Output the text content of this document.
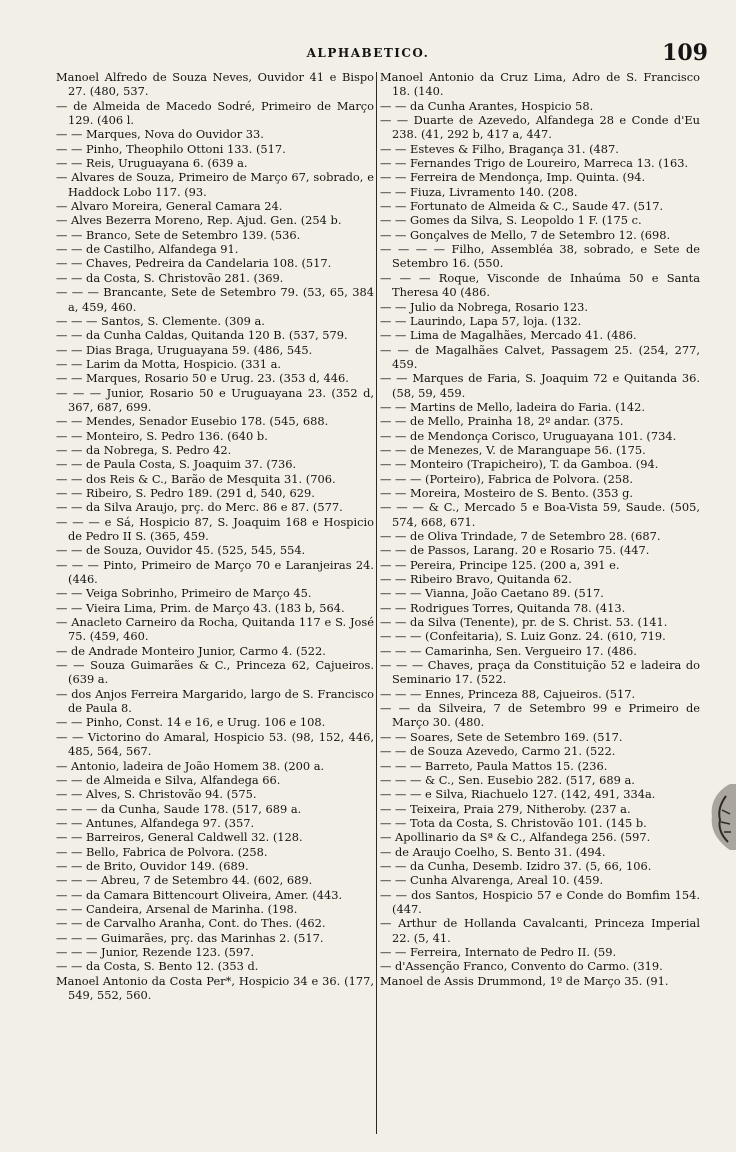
ALPHABETICO.	109
Manoel Alfredo de Souza Neves, Ouvidor 41 e Bispo 27. (480, 537.
— de Almeida de Macedo Sodré, Primeiro de Março 129. (406 l.
— — Marques, Nova do Ouvidor 33.
— — Pinho, Theophilo Ottoni 133. (517.
— — Reis, Uruguayana 6. (639 a.
— Alvares de Souza, Primeiro de Março 67, sobrado, e Haddock Lobo 117. (93.
— Alvaro Moreira, General Camara 24.
— Alves Bezerra Moreno, Rep. Ajud. Gen. (254 b.
— — Branco, Sete de Setembro 139. (536.
— — de Castilho, Alfandega 91.
— — Chaves, Pedreira da Candelaria 108. (517.
— — da Costa, S. Christovão 281. (369.
— — — Brancante, Sete de Setembro 79. (53, 65, 384 a, 459, 460.
— — — Santos, S. Clemente. (309 a.
— — da Cunha Caldas, Quitanda 120 B. (537, 579.
— — Dias Braga, Uruguayana 59. (486, 545.
— — Larim da Motta, Hospicio. (331 a.
— — Marques, Rosario 50 e Urug. 23. (353 d, 446.
— — — Junior, Rosario 50 e Uruguayana 23. (352 d, 367, 687, 699.
— — Mendes, Senador Eusebio 178. (545, 688.
— — Monteiro, S. Pedro 136. (640 b.
— — da Nobrega, S. Pedro 42.
— — de Paula Costa, S. Joaquim 37. (736.
— — dos Reis & C., Barão de Mesquita 31. (706.
— — Ribeiro, S. Pedro 189. (291 d, 540, 629.
— — da Silva Araujo, prç. do Merc. 86 e 87. (577.
— — — e Sá, Hospicio 87, S. Joaquim 168 e Hospicio de Pedro II S. (365, 459.
— — de Souza, Ouvidor 45. (525, 545, 554.
— — — Pinto, Primeiro de Março 70 e Laranjeiras 24. (446.
— — Veiga Sobrinho, Primeiro de Março 45.
— — Vieira Lima, Prim. de Março 43. (183 b, 564.
— Anacleto Carneiro da Rocha, Quitanda 117 e S. José 75. (459, 460.
— de Andrade Monteiro Junior, Carmo 4. (522.
— — Souza Guimarães & C., Princeza 62, Cajueiros. (639 a.
— dos Anjos Ferreira Margarido, largo de S. Francisco de Paula 8.
— — Pinho, Const. 14 e 16, e Urug. 106 e 108.
— — Victorino do Amaral, Hospicio 53. (98, 152, 446, 485, 564, 567.
— Antonio, ladeira de João Homem 38. (200 a.
— — de Almeida e Silva, Alfandega 66.
— — Alves, S. Christovão 94. (575.
— — — da Cunha, Saude 178. (517, 689 a.
— — Antunes, Alfandega 97. (357.
— — Barreiros, General Caldwell 32. (128.
— — Bello, Fabrica de Polvora. (258.
— — de Brito, Ouvidor 149. (689.
— — — Abreu, 7 de Setembro 44. (602, 689.
— — da Camara Bittencourt Oliveira, Amer. (443.
— — Candeira, Arsenal de Marinha. (198.
— — de Carvalho Aranha, Cont. do Thes. (462.
— — — Guimarães, prç. das Marinhas 2. (517.
— — — Junior, Rezende 123. (597.
— — da Costa, S. Bento 12. (353 d.
Manoel Antonio da Costa Per*, Hospicio 34 e 36. (177, 549, 552, 560.
Manoel Antonio da Cruz Lima, Adro de S. Francisco 18. (140.
— — da Cunha Arantes, Hospicio 58.
— — Duarte de Azevedo, Alfandega 28 e Conde d'Eu 238. (41, 292 b, 417 a, 447.
— — Esteves & Filho, Bragança 31. (487.
— — Fernandes Trigo de Loureiro, Marreca 13. (163.
— — Ferreira de Mendonça, Imp. Quinta. (94.
— — Fiuza, Livramento 140. (208.
— — Fortunato de Almeida & C., Saude 47. (517.
— — Gomes da Silva, S. Leopoldo 1 F. (175 c.
— — Gonçalves de Mello, 7 de Setembro 12. (698.
— — — — Filho, Assembléa 38, sobrado, e Sete de Setembro 16. (550.
— — — Roque, Visconde de Inhaúma 50 e Santa Theresa 40 (486.
— — Julio da Nobrega, Rosario 123.
— — Laurindo, Lapa 57, loja. (132.
— — Lima de Magalhães, Mercado 41. (486.
— — de Magalhães Calvet, Passagem 25. (254, 277, 459.
— — Marques de Faria, S. Joaquim 72 e Quitanda 36. (58, 59, 459.
— — Martins de Mello, ladeira do Faria. (142.
— — de Mello, Prainha 18, 2º andar. (375.
— — de Mendonça Corisco, Uruguayana 101. (734.
— — de Menezes, V. de Maranguape 56. (175.
— — Monteiro (Trapicheiro), T. da Gamboa. (94.
— — — (Porteiro), Fabrica de Polvora. (258.
— — Moreira, Mosteiro de S. Bento. (353 g.
— — — & C., Mercado 5 e Boa-Vista 59, Saude. (505, 574, 668, 671.
— — de Oliva Trindade, 7 de Setembro 28. (687.
— — de Passos, Larang. 20 e Rosario 75. (447.
— — Pereira, Principe 125. (200 a, 391 e.
— — Ribeiro Bravo, Quitanda 62.
— — — Vianna, João Caetano 89. (517.
— — Rodrigues Torres, Quitanda 78. (413.
— — da Silva (Tenente), pr. de S. Christ. 53. (141.
— — — (Confeitaria), S. Luiz Gonz. 24. (610, 719.
— — — Camarinha, Sen. Vergueiro 17. (486.
— — — Chaves, praça da Constituição 52 e ladeira do Seminario 17. (522.
— — — Ennes, Princeza 88, Cajueiros. (517.
— — da Silveira, 7 de Setembro 99 e Primeiro de Março 30. (480.
— — Soares, Sete de Setembro 169. (517.
— — de Souza Azevedo, Carmo 21. (522.
— — — Barreto, Paula Mattos 15. (236.
— — — & C., Sen. Eusebio 282. (517, 689 a.
— — — e Silva, Riachuelo 127. (142, 491, 334a.
— — Teixeira, Praia 279, Nitheroby. (237 a.
— — Tota da Costa, S. Christovão 101. (145 b.
— Apollinario da Sª & C., Alfandega 256. (597.
— de Araujo Coelho, S. Bento 31. (494.
— — da Cunha, Desemb. Izidro 37. (5, 66, 106.
— — Cunha Alvarenga, Areal 10. (459.
— — dos Santos, Hospicio 57 e Conde do Bomfim 154. (447.
— Arthur de Hollanda Cavalcanti, Princeza Imperial 22. (5, 41.
— — Ferreira, Internato de Pedro II. (59.
— d'Assenção Franco, Convento do Carmo. (319.
Manoel de Assis Drummond, 1º de Março 35. (91.
